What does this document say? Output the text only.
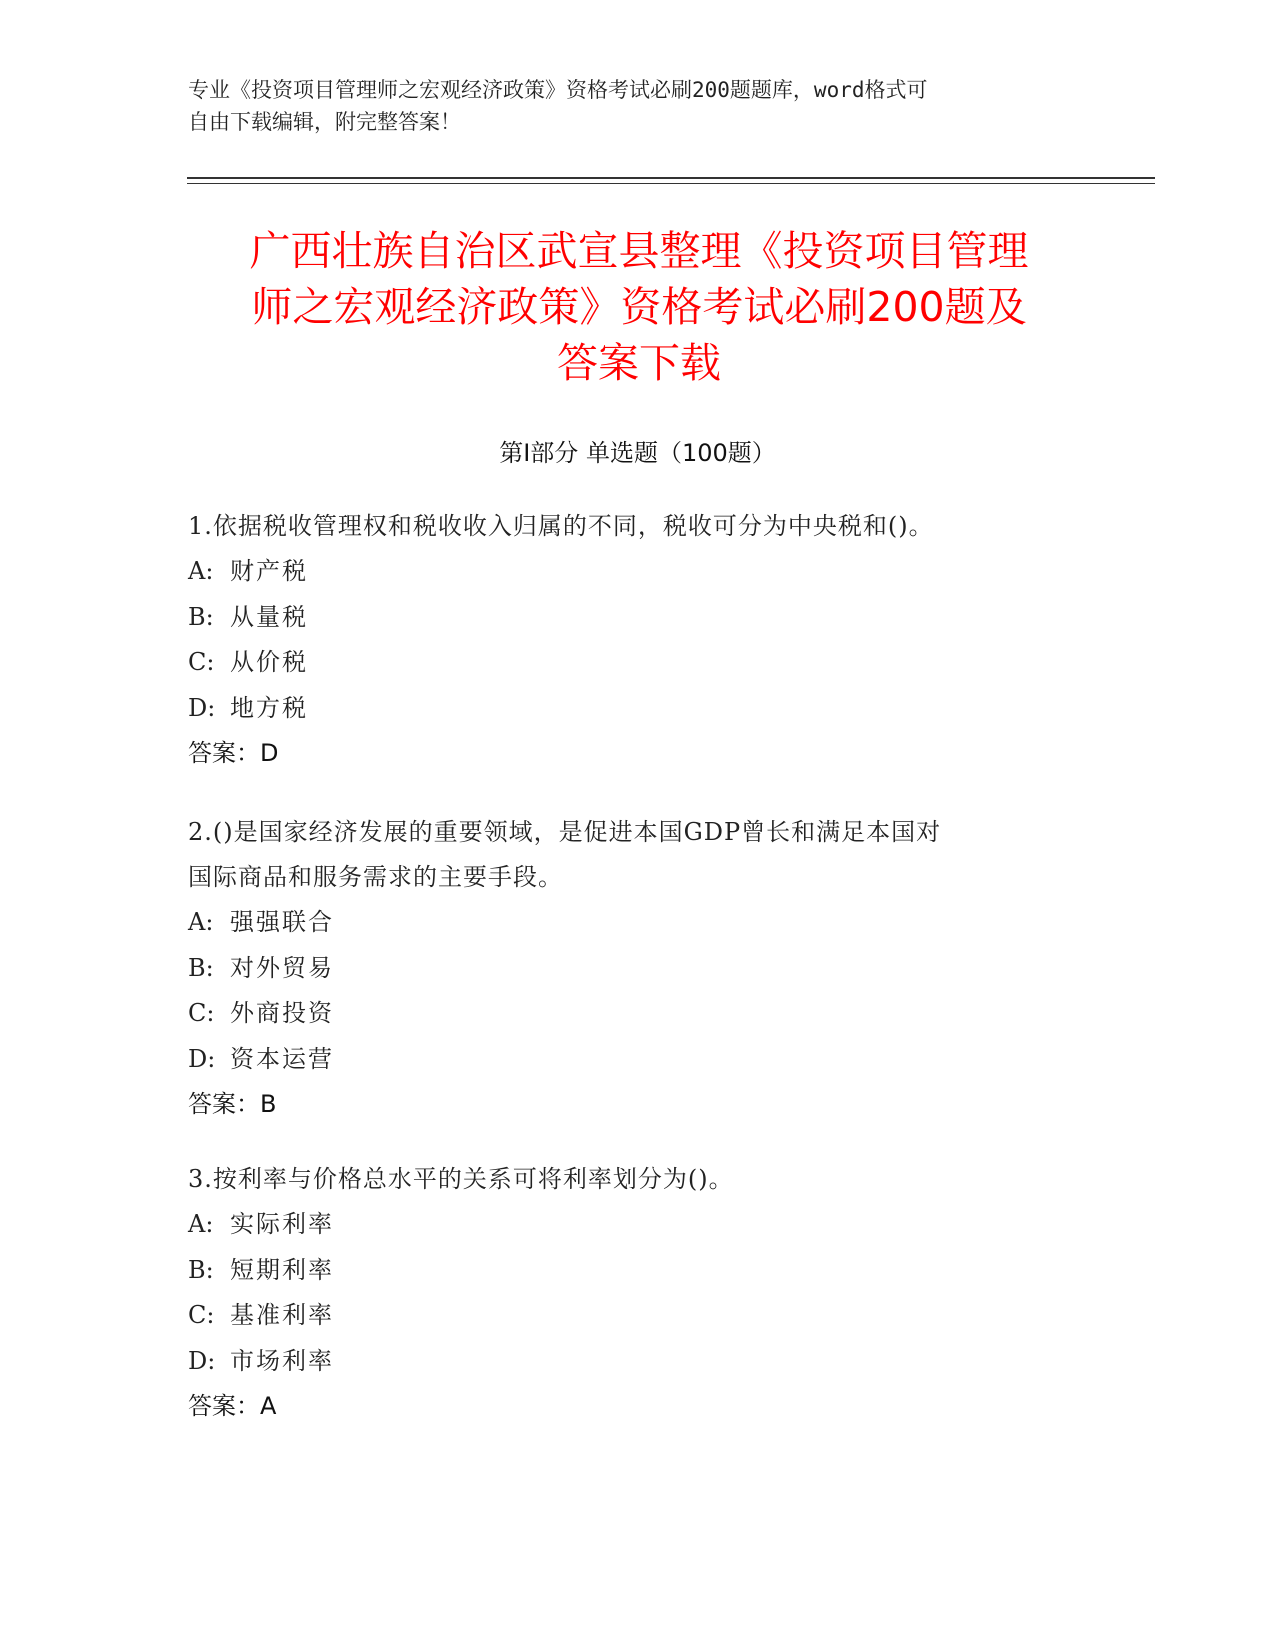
专业《投资项目管理师之宏观经济政策》资格考试必刷200题题库，word格式可

自由下载编辑，附完整答案！

广西壮族自治区武宣县整理《投资项目管理
师之宏观经济政策》资格考试必刷200题及
答案下载
第Ⅰ部分 单选题（100题）

1.依据税收管理权和税收收入归属的不同，税收可分为中央税和()。

A: 财产税
B: 从量税
C: 从价税
D: 地方税
答案：D

2.()是国家经济发展的重要领域，是促进本国GDP曾长和满足本国对

国际商品和服务需求的主要手段。

A: 强强联合
B: 对外贸易
C: 外商投资
D: 资本运营
答案：B

3.按利率与价格总水平的关系可将利率划分为()。

A: 实际利率
B: 短期利率
C: 基准利率
D: 市场利率
答案：A
